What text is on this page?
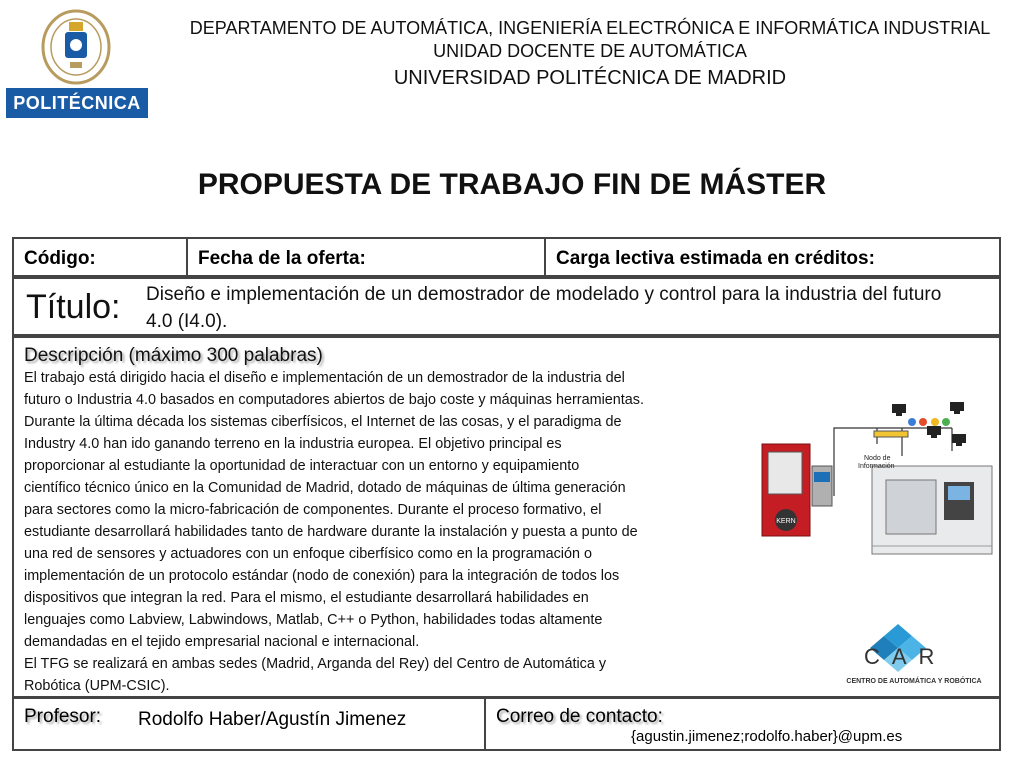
POLITÉCNICA
DEPARTAMENTO DE AUTOMÁTICA, INGENIERÍA ELECTRÓNICA E INFORMÁTICA INDUSTRIAL
UNIDAD DOCENTE DE AUTOMÁTICA
UNIVERSIDAD POLITÉCNICA DE MADRID
PROPUESTA DE TRABAJO FIN DE MÁSTER
Código:	Fecha de la oferta:	Carga lectiva estimada en créditos:
Título: Diseño e implementación de un demostrador de modelado y control para la industria del futuro 4.0 (I4.0).
Descripción (máximo 300 palabras)
El trabajo está dirigido hacia el diseño e implementación de un demostrador de la industria del
futuro o Industria 4.0 basados en computadores abiertos de bajo coste y máquinas herramientas.
Durante la última década los sistemas ciberfísicos, el Internet de las cosas, y el paradigma de
Industry 4.0 han ido ganando terreno en la industria europea. El objetivo principal es
proporcionar al estudiante la oportunidad de interactuar con un entorno y equipamiento
científico técnico único en la Comunidad de Madrid, dotado de máquinas de última generación
para sectores como la micro-fabricación de componentes. Durante el proceso formativo, el
estudiante desarrollará habilidades tanto de hardware durante la instalación y puesta a punto de
una red de sensores y actuadores con un enfoque ciberfísico como en la programación o
implementación de un protocolo estándar (nodo de conexión) para la integración de todos los
dispositivos que integran la red. Para el mismo, el estudiante desarrollará habilidades en
lenguajes como Labview, Labwindows, Matlab, C++ o Python, habilidades todas altamente
demandadas en el tejido empresarial nacional e internacional.
El TFG se realizará en ambas sedes (Madrid, Arganda del Rey) del Centro de Automática y
Robótica (UPM-CSIC).
KERN
Nodo de Información
CAR
CENTRO DE AUTOMÁTICA Y ROBÓTICA
Profesor: Rodolfo Haber/Agustín Jimenez	Correo de contacto:
{agustin.jimenez;rodolfo.haber}@upm.es
